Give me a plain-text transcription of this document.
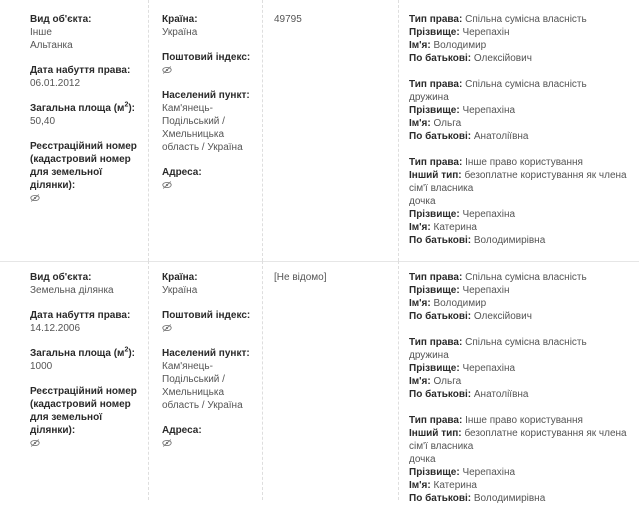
Вид об'єкта:
Інше
Альтанка
Дата набуття права:
06.01.2012
Загальна площа $(м^2)$:
50,40
Реєстраційний номер (кадастровий номер для земельної ділянки):
Країна:
Україна
Поштовий індекс:
Населений пункт:
Кам'янець-Подільський / Хмельницька область / Україна
Адреса:
49795	Тип права: Спільна сумісна власність
Прізвище: Черепахін
Ім'я: Володимир
По батькові: Олексійович
Тип права: Спільна сумісна власність
дружина
Прізвище: Черепахіна
Ім'я: Ольга
По батькові: Анатоліївна
Тип права: Інше право користування
Інший тип: безоплатне користування як члена сім'ї власника
дочка
Прізвище: Черепахіна
Ім'я: Катерина
По батькові: Володимирівна
Вид об'єкта:
Земельна ділянка
Дата набуття права:
14.12.2006
Загальна площа $(м^2)$:
1000
Реєстраційний номер (кадастровий номер для земельної ділянки):
Країна:
Україна
Поштовий індекс:
Населений пункт:
Кам'янець-Подільський / Хмельницька область / Україна
Адреса:
[Не відомо]	Тип права: Спільна сумісна власність
Прізвище: Черепахін
Ім'я: Володимир
По батькові: Олексійович
Тип права: Спільна сумісна власність
дружина
Прізвище: Черепахіна
Ім'я: Ольга
По батькові: Анатоліївна
Тип права: Інше право користування
Інший тип: безоплатне користування як члена сім'ї власника
дочка
Прізвище: Черепахіна
Ім'я: Катерина
По батькові: Володимирівна
